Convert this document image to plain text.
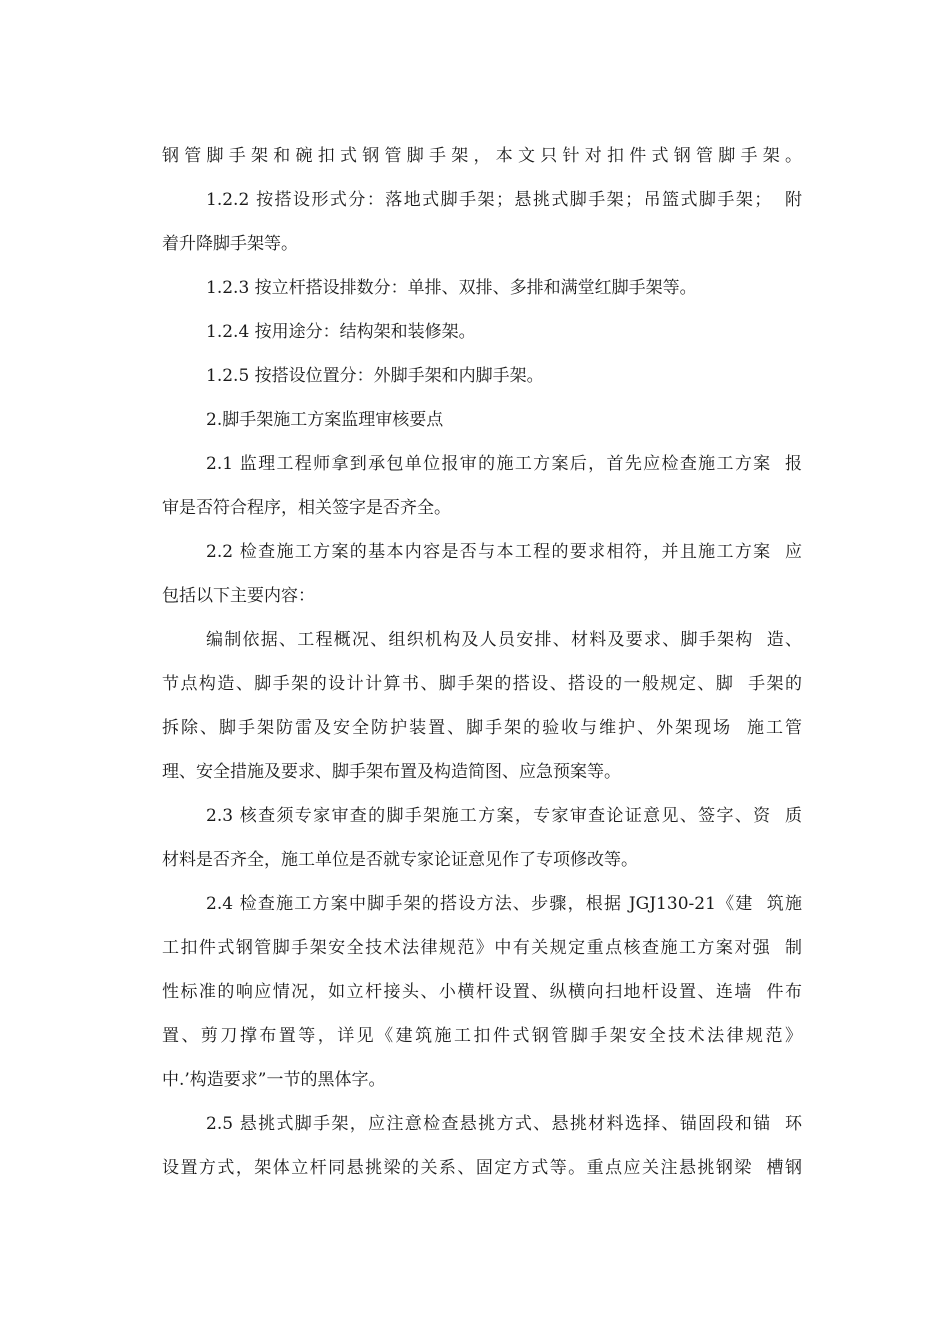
钢管脚手架和碗扣式钢管脚手架，本文只针对扣件式钢管脚手架。
1.2.2 按搭设形式分：落地式脚手架；悬挑式脚手架；吊篮式脚手架；  附
着升降脚手架等。
1.2.3 按立杆搭设排数分：单排、双排、多排和满堂红脚手架等。
1.2.4 按用途分：结构架和装修架。
1.2.5 按搭设位置分：外脚手架和内脚手架。
2.脚手架施工方案监理审核要点
2.1 监理工程师拿到承包单位报审的施工方案后，首先应检查施工方案  报
审是否符合程序，相关签字是否齐全。
2.2 检查施工方案的基本内容是否与本工程的要求相符，并且施工方案  应
包括以下主要内容：
编制依据、工程概况、组织机构及人员安排、材料及要求、脚手架构  造、
节点构造、脚手架的设计计算书、脚手架的搭设、搭设的一般规定、脚  手架的
拆除、脚手架防雷及安全防护装置、脚手架的验收与维护、外架现场  施工管
理、安全措施及要求、脚手架布置及构造简图、应急预案等。
2.3 核查须专家审查的脚手架施工方案，专家审查论证意见、签字、资  质
材料是否齐全，施工单位是否就专家论证意见作了专项修改等。
2.4 检查施工方案中脚手架的搭设方法、步骤，根据 JGJ130-21《建  筑施
工扣件式钢管脚手架安全技术法律规范》中有关规定重点核查施工方案对强  制
性标准的响应情况，如立杆接头、小横杆设置、纵横向扫地杆设置、连墙  件布
置、剪刀撑布置等，详见《建筑施工扣件式钢管脚手架安全技术法律规范》
中.’构造要求”一节的黑体字。
2.5 悬挑式脚手架，应注意检查悬挑方式、悬挑材料选择、锚固段和锚  环
设置方式，架体立杆同悬挑梁的关系、固定方式等。重点应关注悬挑钢梁  槽钢
